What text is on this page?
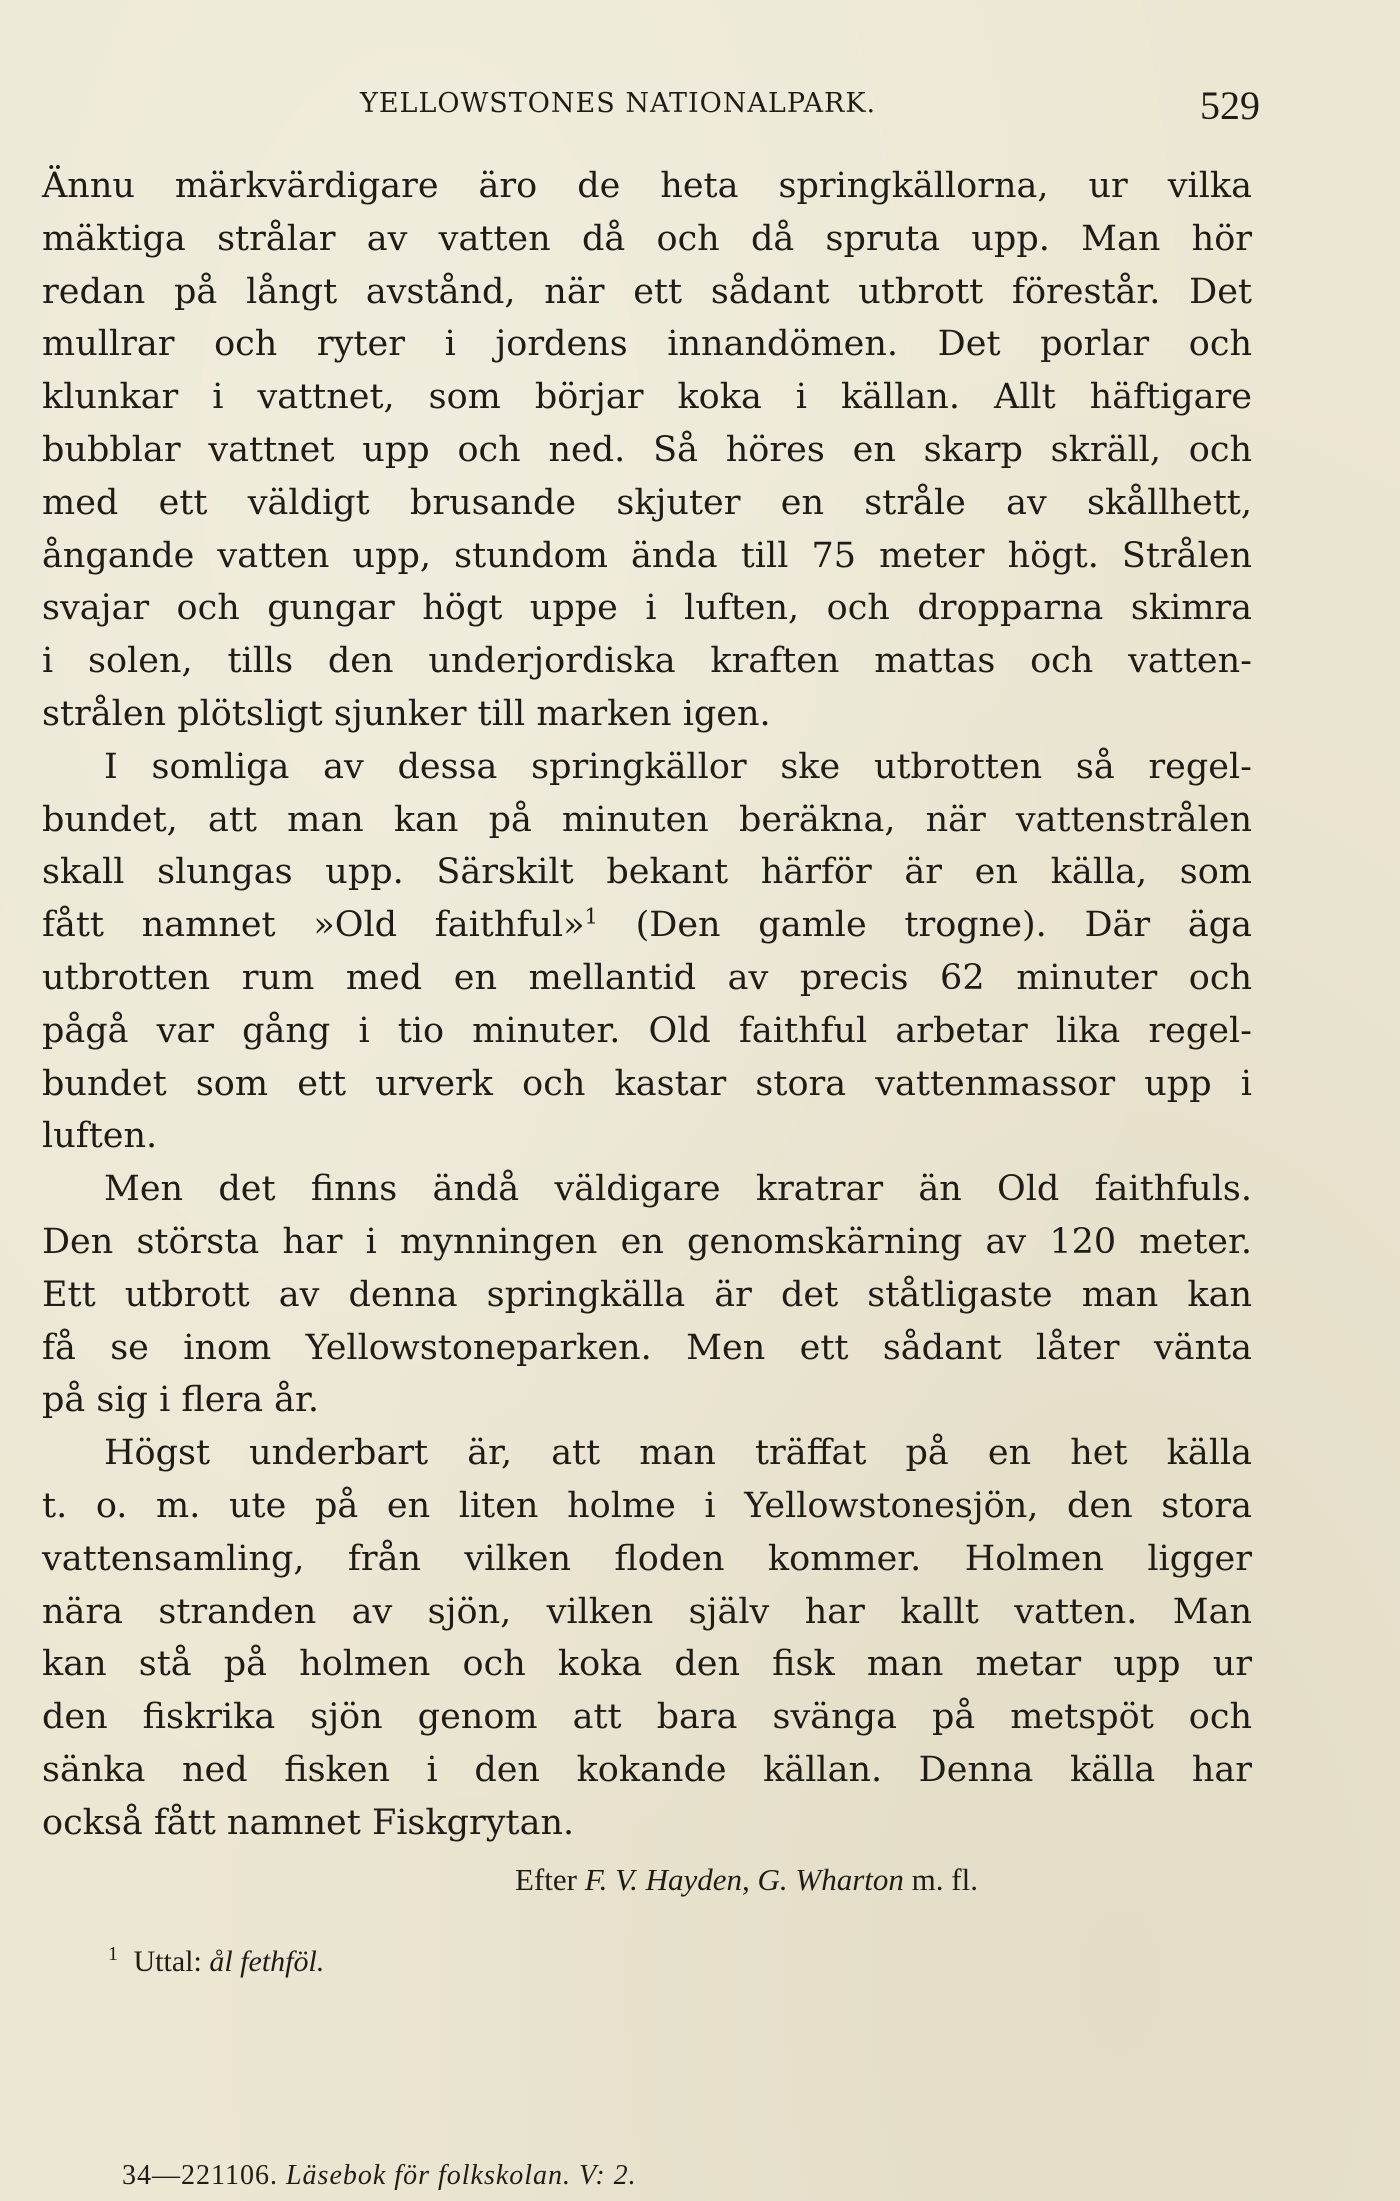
YELLOWSTONES NATIONALPARK.	529
Ännu märkvärdigare äro de heta springkällorna, ur vilka
mäktiga strålar av vatten då och då spruta upp. Man hör
redan på långt avstånd, när ett sådant utbrott förestår. Det
mullrar och ryter i jordens innandömen. Det porlar och
klunkar i vattnet, som börjar koka i källan. Allt häftigare
bubblar vattnet upp och ned. Så höres en skarp skräll, och
med ett väldigt brusande skjuter en stråle av skållhett,
ångande vatten upp, stundom ända till 75 meter högt. Strålen
svajar och gungar högt uppe i luften, och dropparna skimra
i solen, tills den underjordiska kraften mattas och vatten-
strålen plötsligt sjunker till marken igen.
I somliga av dessa springkällor ske utbrotten så regel-
bundet, att man kan på minuten beräkna, när vattenstrålen
skall slungas upp. Särskilt bekant härför är en källa, som
fått namnet »Old faithful»$^1$ (Den gamle trogne). Där äga
utbrotten rum med en mellantid av precis 62 minuter och
pågå var gång i tio minuter. Old faithful arbetar lika regel-
bundet som ett urverk och kastar stora vattenmassor upp i
luften.
Men det finns ändå väldigare kratrar än Old faithfuls.
Den största har i mynningen en genomskärning av 120 meter.
Ett utbrott av denna springkälla är det ståtligaste man kan
få se inom Yellowstoneparken. Men ett sådant låter vänta
på sig i flera år.
Högst underbart är, att man träffat på en het källa
t. o. m. ute på en liten holme i Yellowstonesjön, den stora
vattensamling, från vilken floden kommer. Holmen ligger
nära stranden av sjön, vilken själv har kallt vatten. Man
kan stå på holmen och koka den fisk man metar upp ur
den fiskrika sjön genom att bara svänga på metspöt och
sänka ned fisken i den kokande källan. Denna källa har
också fått namnet Fiskgrytan.
Efter F. V. Hayden, G. Wharton m. fl.
$^1$ Uttal: ål fethföl.
34—221106. Läsebok för folkskolan. V: 2.
